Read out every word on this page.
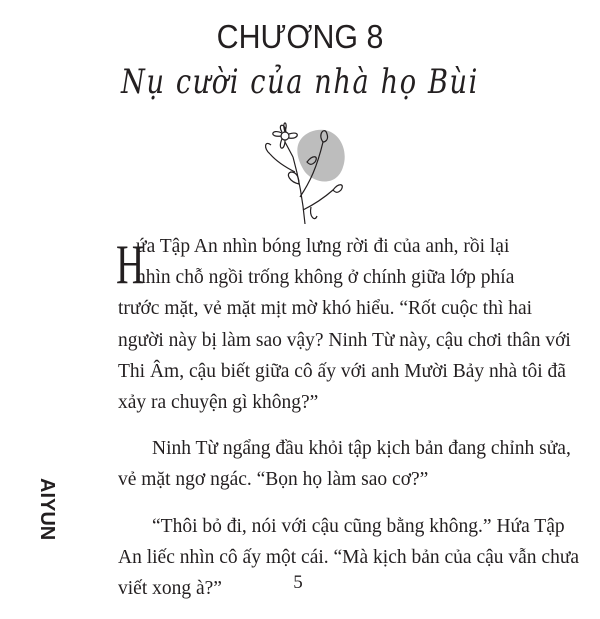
CHƯƠNG 8
Nụ cười của nhà họ Bùi
H
ứa Tập An nhìn bóng lưng rời đi của anh, rồi lại
nhìn chỗ ngồi trống không ở chính giữa lớp phía
trước mặt, vẻ mặt mịt mờ khó hiểu. “Rốt cuộc thì hai
người này bị làm sao vậy? Ninh Từ này, cậu chơi thân với
Thi Âm, cậu biết giữa cô ấy với anh Mười Bảy nhà tôi đã
xảy ra chuyện gì không?”
Ninh Từ ngẩng đầu khỏi tập kịch bản đang chỉnh sửa,
vẻ mặt ngơ ngác. “Bọn họ làm sao cơ?”
“Thôi bỏ đi, nói với cậu cũng bằng không.” Hứa Tập
An liếc nhìn cô ấy một cái. “Mà kịch bản của cậu vẫn chưa
viết xong à?”
AIYUN
5
